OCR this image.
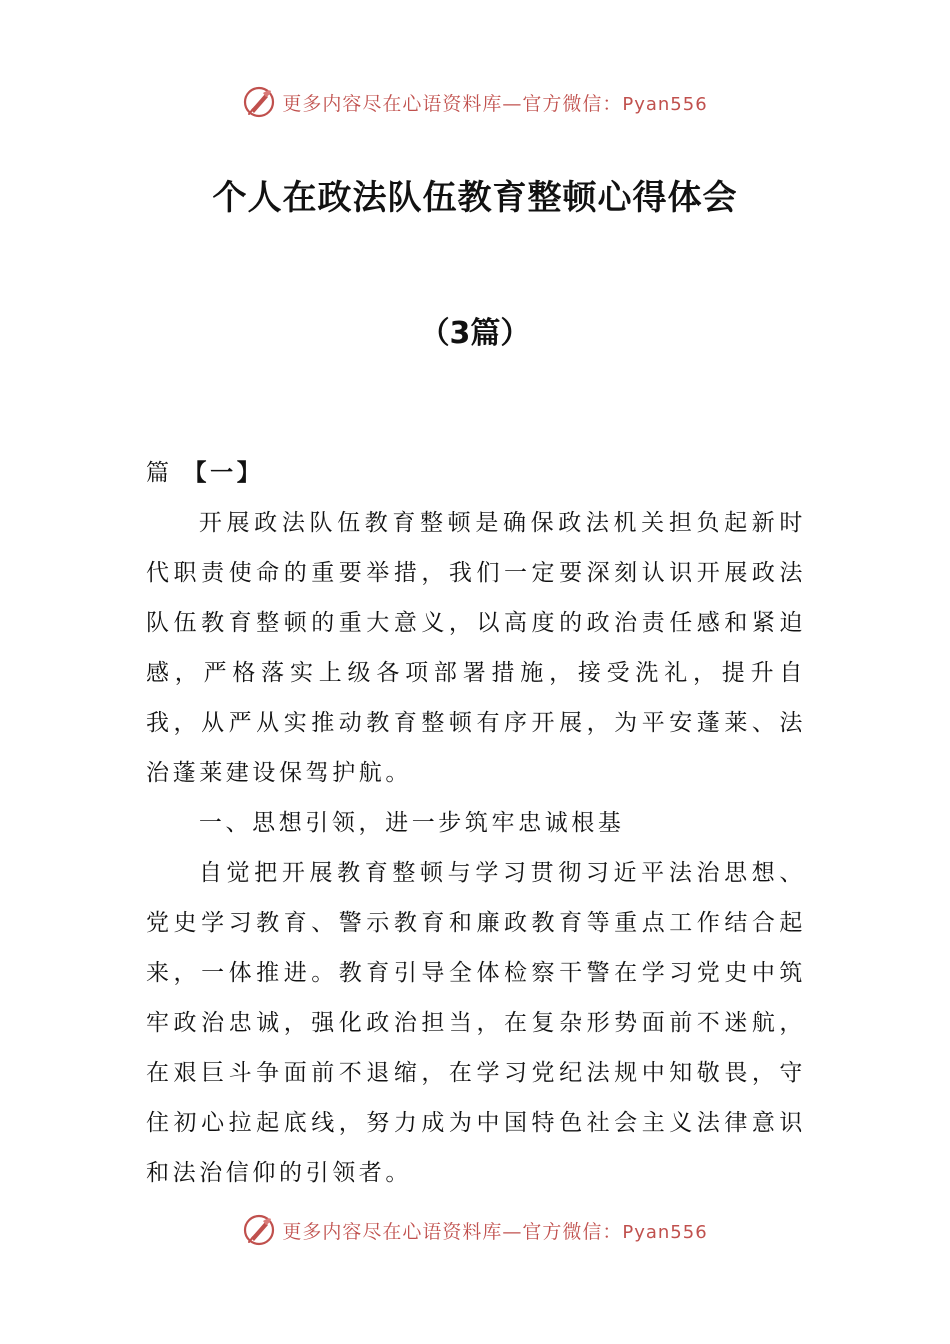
更多内容尽在心语资料库—官方微信：Pyan556
个人在政法队伍教育整顿心得体会
（3篇）

篇 【一】

开展政法队伍教育整顿是确保政法机关担负起新时代职责使命的重要举措，我们一定要深刻认识开展政法队伍教育整顿的重大意义，以高度的政治责任感和紧迫感，严格落实上级各项部署措施，接受洗礼，提升自我，从严从实推动教育整顿有序开展，为平安蓬莱、法治蓬莱建设保驾护航。

一、思想引领，进一步筑牢忠诚根基

自觉把开展教育整顿与学习贯彻习近平法治思想、党史学习教育、警示教育和廉政教育等重点工作结合起来，一体推进。教育引导全体检察干警在学习党史中筑牢政治忠诚，强化政治担当，在复杂形势面前不迷航，在艰巨斗争面前不退缩，在学习党纪法规中知敬畏，守住初心拉起底线，努力成为中国特色社会主义法律意识和法治信仰的引领者。

更多内容尽在心语资料库—官方微信：Pyan556
